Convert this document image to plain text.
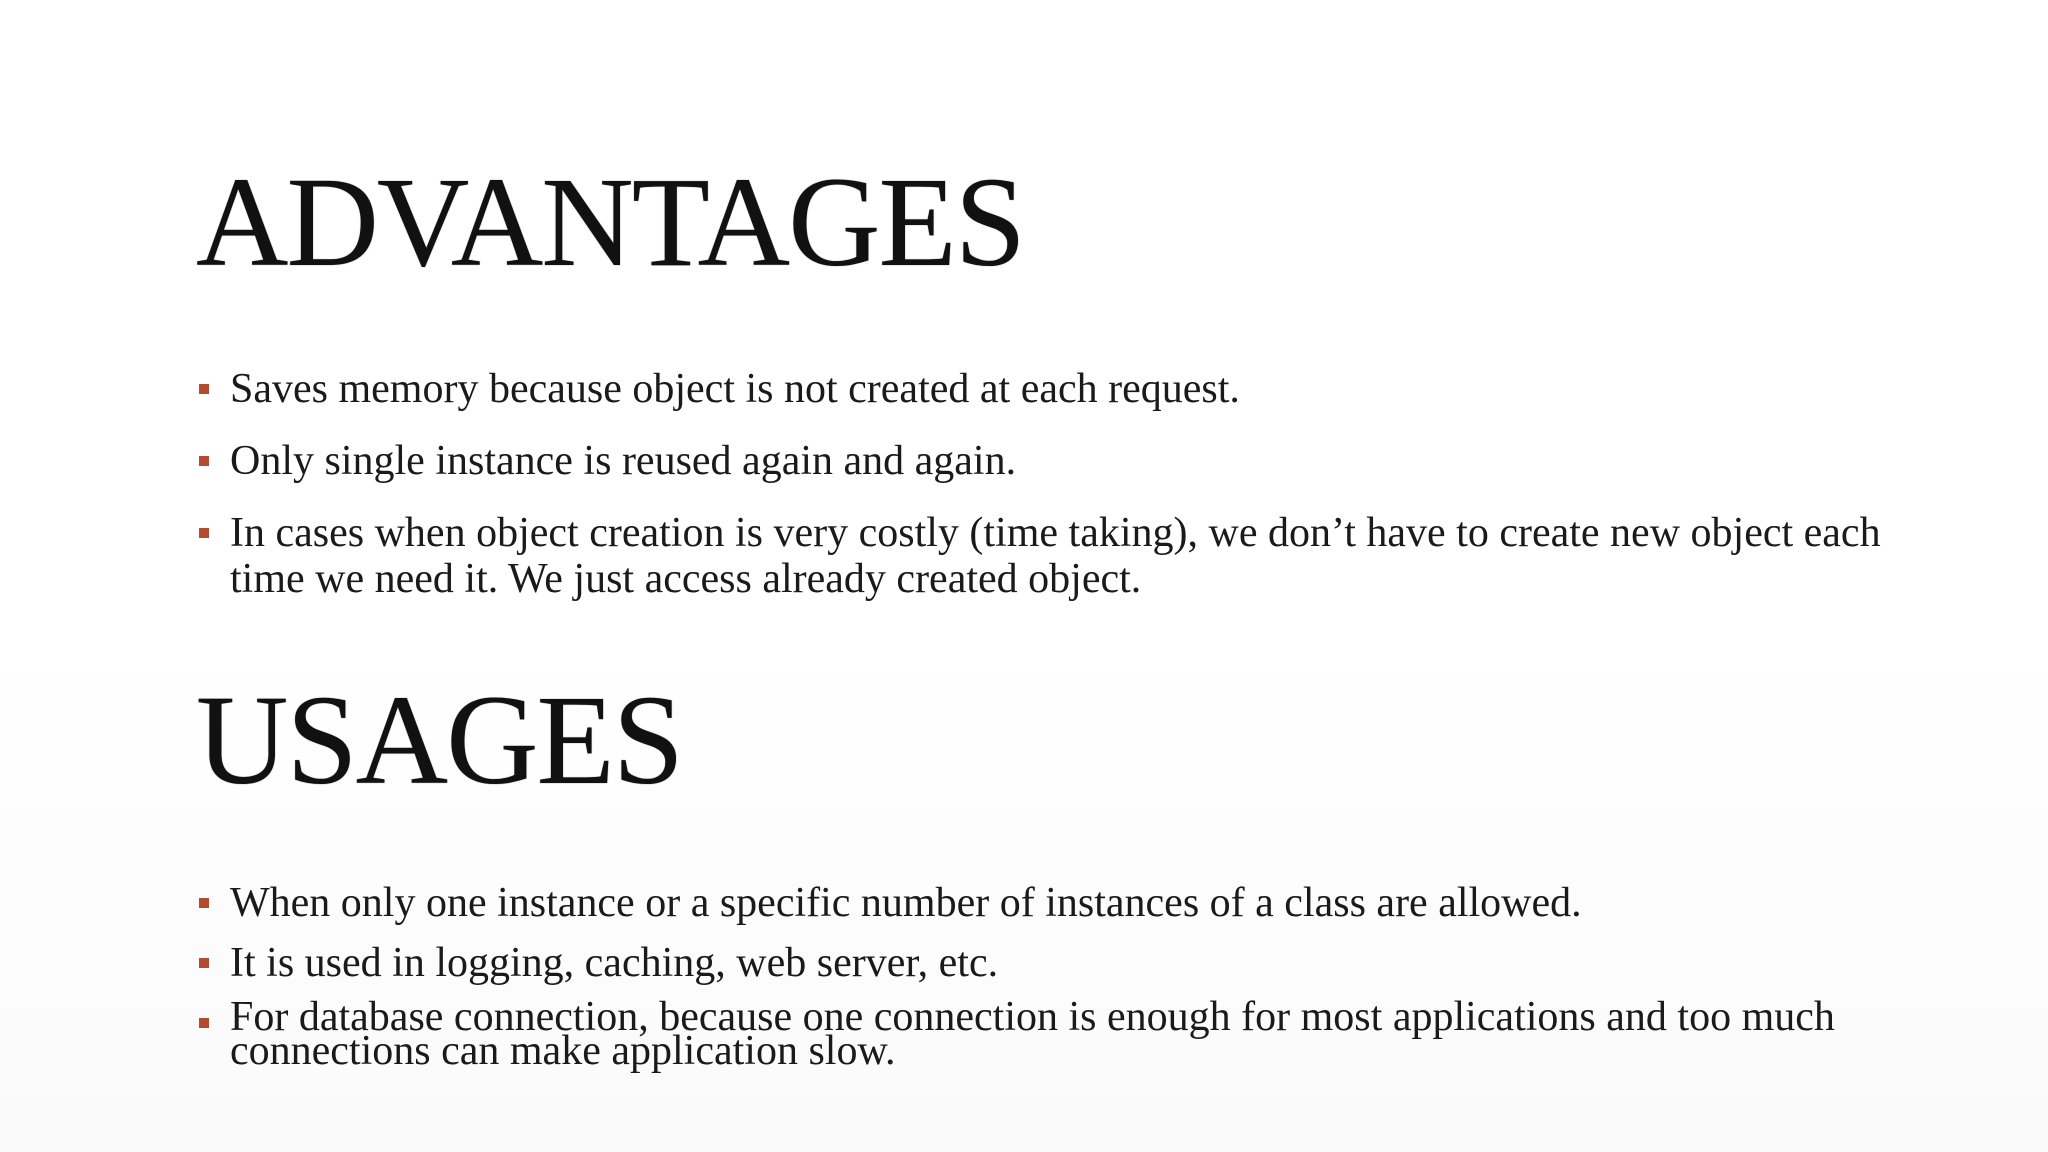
ADVANTAGES
Saves memory because object is not created at each request.
Only single instance is reused again and again.
In cases when object creation is very costly (time taking), we don’t have to create new object each time we need it. We just access already created object.
USAGES
When only one instance or a specific number of instances of a class are allowed.
It is used in logging, caching, web server, etc.
For database connection, because one connection is enough for most applications and too much connections can make application slow.
